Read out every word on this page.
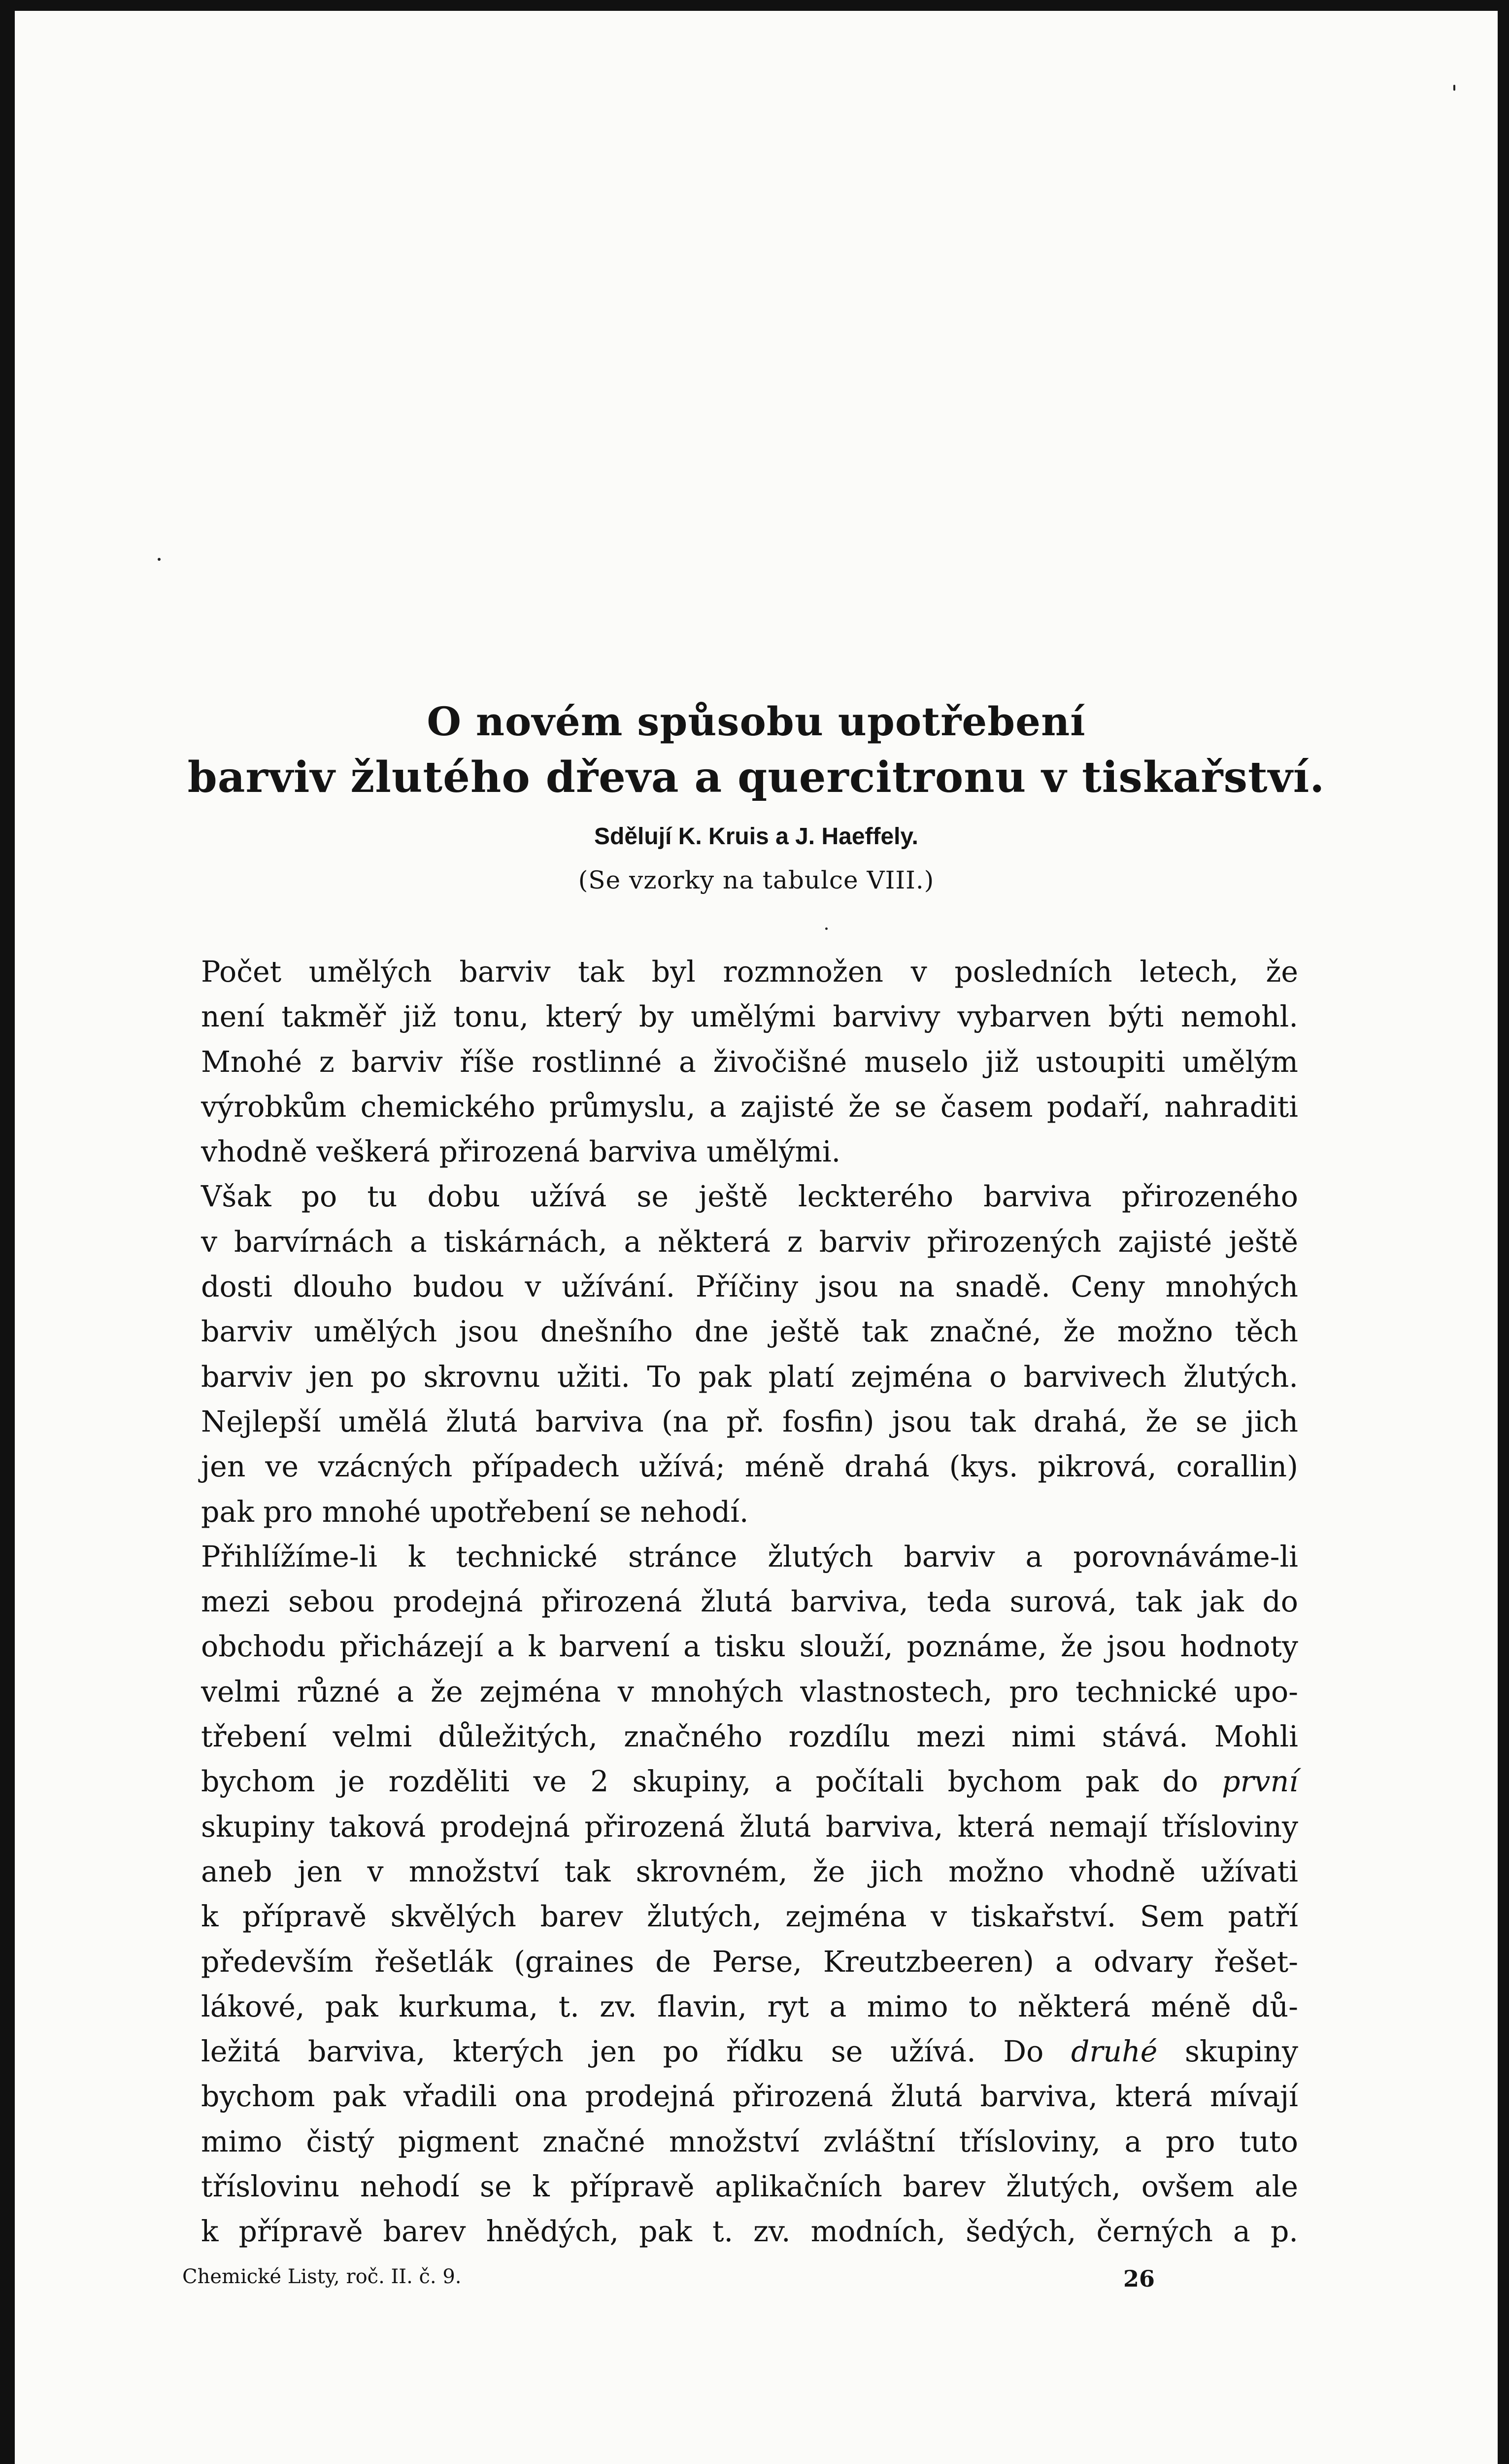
O novém spůsobu upotřebení
barviv žlutého dřeva a quercitronu v tiskařství.
Sdělují K. Kruis a J. Haeffely.
(Se vzorky na tabulce VIII.)
Počet umělých barviv tak byl rozmnožen v posledních letech, že
není takměř již tonu, který by umělými barvivy vybarven býti nemohl.
Mnohé z barviv říše rostlinné a živočišné muselo již ustoupiti umělým
výrobkům chemického průmyslu, a zajisté že se časem podaří, nahraditi
vhodně veškerá přirozená barviva umělými.
Však po tu dobu užívá se ještě leckterého barviva přirozeného
v barvírnách a tiskárnách, a některá z barviv přirozených zajisté ještě
dosti dlouho budou v užívání. Příčiny jsou na snadě. Ceny mnohých
barviv umělých jsou dnešního dne ještě tak značné, že možno těch
barviv jen po skrovnu užiti. To pak platí zejména o barvivech žlutých.
Nejlepší umělá žlutá barviva (na př. fosfin) jsou tak drahá, že se jich
jen ve vzácných případech užívá; méně drahá (kys. pikrová, corallin)
pak pro mnohé upotřebení se nehodí.
Přihlížíme-li k technické stránce žlutých barviv a porovnáváme-li
mezi sebou prodejná přirozená žlutá barviva, teda surová, tak jak do
obchodu přicházejí a k barvení a tisku slouží, poznáme, že jsou hodnoty
velmi různé a že zejména v mnohých vlastnostech, pro technické upo-
třebení velmi důležitých, značného rozdílu mezi nimi stává. Mohli
bychom je rozděliti ve 2 skupiny, a počítali bychom pak do první
skupiny taková prodejná přirozená žlutá barviva, která nemají třísloviny
aneb jen v množství tak skrovném, že jich možno vhodně užívati
k přípravě skvělých barev žlutých, zejména v tiskařství. Sem patří
především řešetlák (graines de Perse, Kreutzbeeren) a odvary řešet-
lákové, pak kurkuma, t. zv. flavin, ryt a mimo to některá méně dů-
ležitá barviva, kterých jen po řídku se užívá. Do druhé skupiny
bychom pak vřadili ona prodejná přirozená žlutá barviva, která mívají
mimo čistý pigment značné množství zvláštní třísloviny, a pro tuto
tříslovinu nehodí se k přípravě aplikačních barev žlutých, ovšem ale
k přípravě barev hnědých, pak t. zv. modních, šedých, černých a p.
Chemické Listy, roč. II. č. 9.	26
